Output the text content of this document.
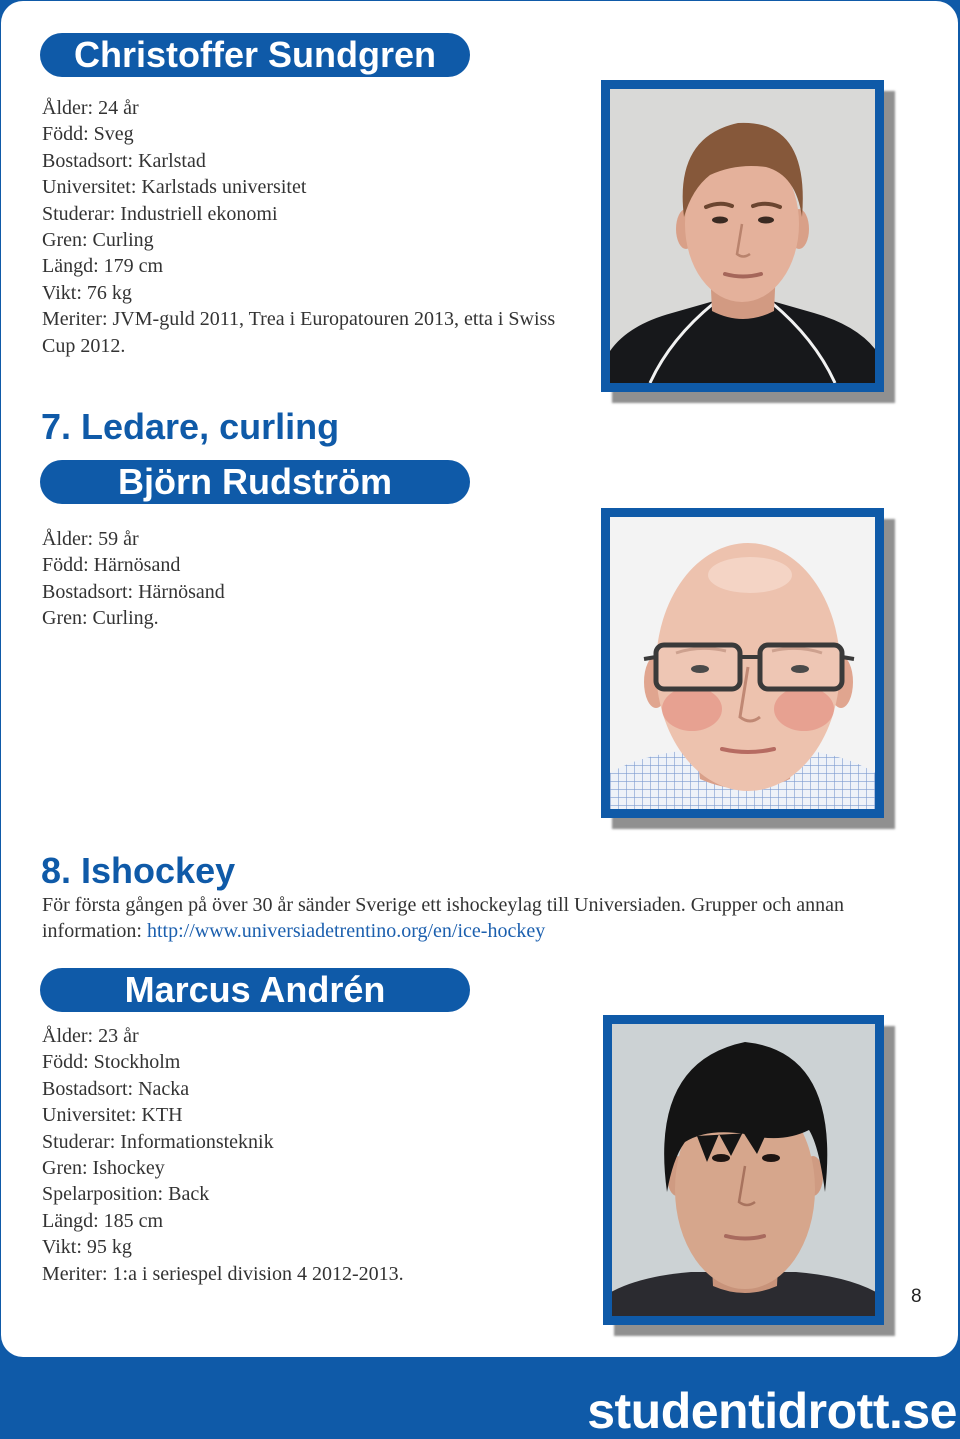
Christoffer Sundgren
Ålder: 24 år
Född: Sveg
Bostadsort: Karlstad
Universitet: Karlstads universitet
Studerar: Industriell ekonomi
Gren: Curling
Längd: 179 cm
Vikt: 76 kg
Meriter: JVM-guld 2011, Trea i Europatouren 2013, etta i Swiss Cup 2012.
7. Ledare, curling
Björn Rudström
Ålder: 59 år
Född: Härnösand
Bostadsort: Härnösand
Gren: Curling.
8. Ishockey

För första gången på över 30 år sänder Sverige ett ishockeylag till Universiaden. Grupper och annan information: http://www.universiadetrentino.org/en/ice-hockey

Marcus Andrén
Ålder: 23 år
Född: Stockholm
Bostadsort: Nacka
Universitet: KTH
Studerar: Informationsteknik
Gren: Ishockey
Spelarposition: Back
Längd: 185 cm
Vikt: 95 kg
Meriter: 1:a i seriespel division 4 2012-2013.
8
studentidrott.se
